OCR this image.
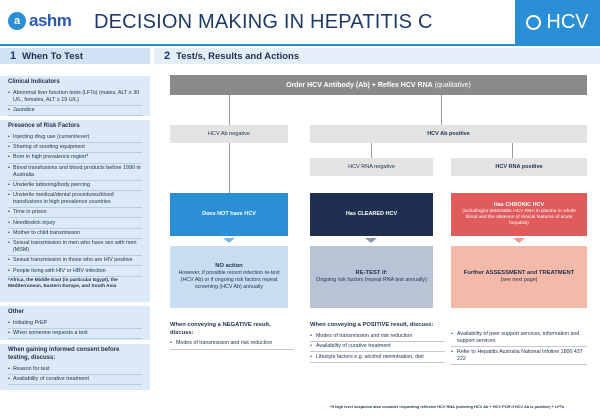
a ashm DECISION MAKING IN HEPATITIS C	HCV
1 When To Test	2 Test/s, Results and Actions
Clinical Indicators
• Abnormal liver function tests (LFTs) (males, ALT ≥ 30 U/L, females, ALT ≥ 19 U/L)
• Jaundice
Presence of Risk Factors
• Injecting drug use (current/ever)
• Sharing of snorting equipment
• Born in high prevalence region*
• Blood transfusions and blood products before 1990 in Australia
• Unsterile tattooing/body piercing
• Unsterile medical/dental procedures/blood transfusions in high prevalence countries
• Time in prison
• Needlestick injury
• Mother to child transmission
• Sexual transmission in men who have sex with men (MSM)
• Sexual transmission in those who are HIV positive
• People living with HIV or HBV infection
*Africa, the Middle East (in particular Egypt), the Mediterranean, Eastern Europe, and South Asia
Other
• Initiating PrEP
• When someone requests a test
When gaining informed consent before testing, discuss:
• Reason for test
• Availability of curative treatment
Order HCV Antibody (Ab) + Reflex HCV RNA (qualitative)
HCV Ab negative	HCV Ab positive
HCV RNA negative	HCV RNA positive
Does NOT have HCV	Has CLEARED HCV
Has CHRONIC HCV
(including/or detectable HCV RNA in plasma or whole blood and the absence of clinical features of acute hepatitis)
NO action
However, if possible recent infection re-test (HCV Ab) or if ongoing risk factors repeat screening (HCV Ab) annually
RE-TEST if:
Ongoing risk factors (repeat RNA test annually)
Further ASSESSMENT and TREATMENT
(see next page)
When conveying a NEGATIVE result, discuss:
• Modes of transmission and risk reduction
When conveying a POSITIVE result, discuss:
• Modes of transmission and risk reduction
• Availability of curative treatment
• Lifestyle factors e.g. alcohol minimisation, diet
• Availability of peer support services, information and support services
• Refer to Hepatitis Australia National Infoline 1800 437 222
*If high level suspicion also consider requesting reflexive HCV RNA (ordering HCV Ab + HCV PCR if HCV Ab is positive) + LFTs
